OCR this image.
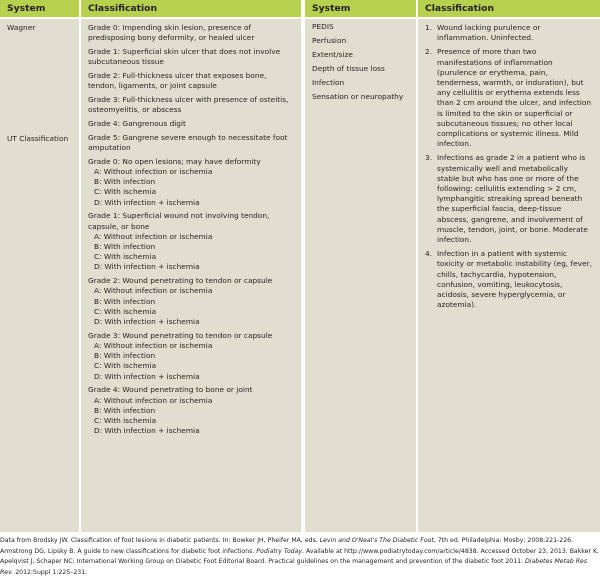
System

Wagner

UT Classification

Classification

Grade 0: Impending skin lesion, presence of predisposing bony deformity, or healed ulcer

Grade 1: Superficial skin ulcer that does not involve subcutaneous tissue

Grade 2: Full-thickness ulcer that exposes bone, tendon, ligaments, or joint capsule

Grade 3: Full-thickness ulcer with presence of osteitis, osteomyelitis, or abscess

Grade 4: Gangrenous digit

Grade 5: Gangrene severe enough to necessitate foot amputation

Grade 0: No open lesions; may have deformity

A: Without infection or ischemia

B: With infection

C: With ischemia

D: With infection + ischemia

Grade 1: Superficial wound not involving tendon, capsule, or bone

A: Without infection or ischemia

B: With infection

C: With ischemia

D: With infection + ischemia

Grade 2: Wound penetrating to tendon or capsule

A: Without infection or ischemia

B: With infection

C: With ischemia

D: With infection + ischemia

Grade 3: Wound penetrating to tendon or capsule

A: Without infection or ischemia

B: With infection

C: With ischemia

D: With infection + ischemia

Grade 4: Wound penetrating to bone or joint

A: Without infection or ischemia

B: With infection

C: With ischemia

D: With infection + ischemia

System

PEDIS

Perfusion

Extent/size

Depth of tissue loss

Infection

Sensation or neuropathy

Classification
1. Wound lacking purulence or inflammation. Uninfected.
2. Presence of more than two manifestations of inflammation (purulence or erythema, pain, tenderness, warmth, or induration), but any cellulitis or erythema extends less than 2 cm around the ulcer, and infection is limited to the skin or superficial or subcutaneous tissues; no other local complications or systemic illness. Mild infection.
3. Infections as grade 2 in a patient who is systemically well and metabolically stable but who has one or more of the following: cellulitis extending > 2 cm, lymphangitic streaking spread beneath the superficial fascia, deep-tissue abscess, gangrene, and involvement of muscle, tendon, joint, or bone. Moderate infection.
4. Infection in a patient with systemic toxicity or metabolic instability (eg, fever, chills, tachycardia, hypotension, confusion, vomiting, leukocytosis, acidosis, severe hyperglycemia, or azotemia).
Data from Brodsky JW. Classification of foot lesions in diabetic patients. In: Bowker JH, Pheifer MA, eds. Levin and O'Neal's The Diabetic Foot, 7th ed. Philadelphia: Mosby; 2008:221-226. Armstrong DG, Lipsky B. A guide to new classifications for diabetic foot infections. Podiatry Today. Available at http://www.podiatrytoday.com/article/4838. Accessed October 23, 2013. Bakker K, Apelqvist J, Schaper NC: International Working Group on Diabetic Foot Editorial Board. Practical guidelines on the management and prevention of the diabetic foot 2011. Diabetes Metab Res Rev. 2012;Suppl 1:225–231.
